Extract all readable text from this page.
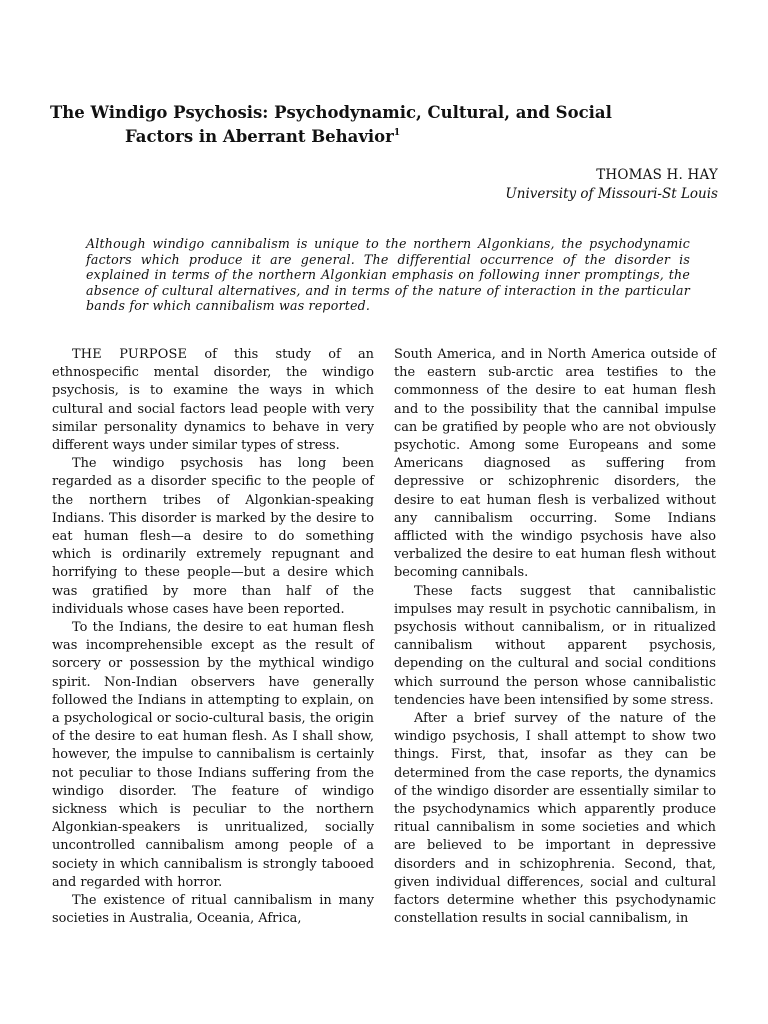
The Windigo Psychosis: Psychodynamic, Cultural, and Social
Factors in Aberrant Behavior$^1$
THOMAS H. HAY
University of Missouri-St Louis

Although windigo cannibalism is unique to the northern Algonkians, the psychodynamic factors which produce it are general. The differential occurrence of the disorder is explained in terms of the northern Algonkian emphasis on following inner promptings, the absence of cultural alternatives, and in terms of the nature of interaction in the particular bands for which cannibalism was reported.

THE PURPOSE of this study of an ethnospecific mental disorder, the windigo psychosis, is to examine the ways in which cultural and social factors lead people with very similar personality dynamics to behave in very different ways under similar types of stress.

The windigo psychosis has long been regarded as a disorder specific to the people of the northern tribes of Algonkian-speaking Indians. This disorder is marked by the desire to eat human flesh—a desire to do something which is ordinarily extremely repugnant and horrifying to these people—but a desire which was gratified by more than half of the individuals whose cases have been reported.

To the Indians, the desire to eat human flesh was incomprehensible except as the result of sorcery or possession by the mythical windigo spirit. Non-Indian observers have generally followed the Indians in attempting to explain, on a psychological or socio-cultural basis, the origin of the desire to eat human flesh. As I shall show, however, the impulse to cannibalism is certainly not peculiar to those Indians suffering from the windigo disorder. The feature of windigo sickness which is peculiar to the northern Algonkian-speakers is unritualized, socially uncontrolled cannibalism among people of a society in which cannibalism is strongly tabooed and regarded with horror.

The existence of ritual cannibalism in many societies in Australia, Oceania, Africa,

South America, and in North America outside of the eastern sub-arctic area testifies to the commonness of the desire to eat human flesh and to the possibility that the cannibal impulse can be gratified by people who are not obviously psychotic. Among some Europeans and some Americans diagnosed as suffering from depressive or schizophrenic disorders, the desire to eat human flesh is verbalized without any cannibalism occurring. Some Indians afflicted with the windigo psychosis have also verbalized the desire to eat human flesh without becoming cannibals.

These facts suggest that cannibalistic impulses may result in psychotic cannibalism, in psychosis without cannibalism, or in ritualized cannibalism without apparent psychosis, depending on the cultural and social conditions which surround the person whose cannibalistic tendencies have been intensified by some stress.

After a brief survey of the nature of the windigo psychosis, I shall attempt to show two things. First, that, insofar as they can be determined from the case reports, the dynamics of the windigo disorder are essentially similar to the psychodynamics which apparently produce ritual cannibalism in some societies and which are believed to be important in depressive disorders and in schizophrenia. Second, that, given individual differences, social and cultural factors determine whether this psychodynamic constellation results in social cannibalism, in
